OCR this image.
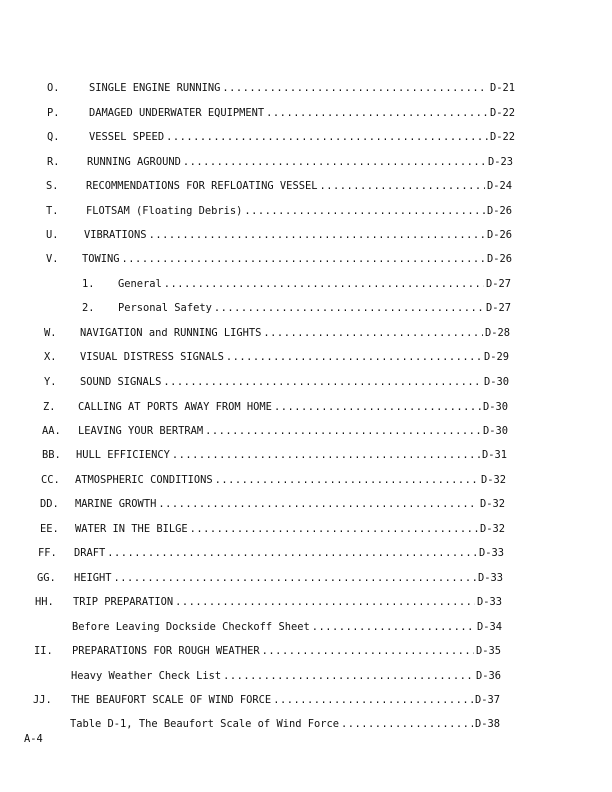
O.	SINGLE ENGINE RUNNING .....	D-21
P.	DAMAGED UNDERWATER EQUIPMENT .....	D-22
Q.	VESSEL SPEED .....	D-22
R.	RUNNING AGROUND .....	D-23
S.	RECOMMENDATIONS FOR REFLOATING VESSEL .....	D-24
T.	FLOTSAM (Floating Debris) .....	D-26
U.	VIBRATIONS .....	D-26
V.	TOWING .....	D-26
1.	General .....	D-27
2.	Personal Safety .....	D-27
W.	NAVIGATION and RUNNING LIGHTS .....	D-28
X.	VISUAL DISTRESS SIGNALS .....	D-29
Y.	SOUND SIGNALS .....	D-30
Z.	CALLING AT PORTS AWAY FROM HOME .....	D-30
AA.	LEAVING YOUR BERTRAM .....	D-30
BB.	HULL EFFICIENCY .....	D-31
CC.	ATMOSPHERIC CONDITIONS .....	D-32
DD.	MARINE GROWTH .....	D-32
EE.	WATER IN THE BILGE .....	D-32
FF.	DRAFT .....	D-33
GG.	HEIGHT .....	D-33
HH.	TRIP PREPARATION .....	D-33
Before Leaving Dockside Checkoff Sheet .....	D-34
II.	PREPARATIONS FOR ROUGH WEATHER .....	D-35
Heavy Weather Check List .....	D-36
JJ.	THE BEAUFORT SCALE OF WIND FORCE .....	D-37
Table D-1, The Beaufort Scale of Wind Force .....	D-38
A-4
